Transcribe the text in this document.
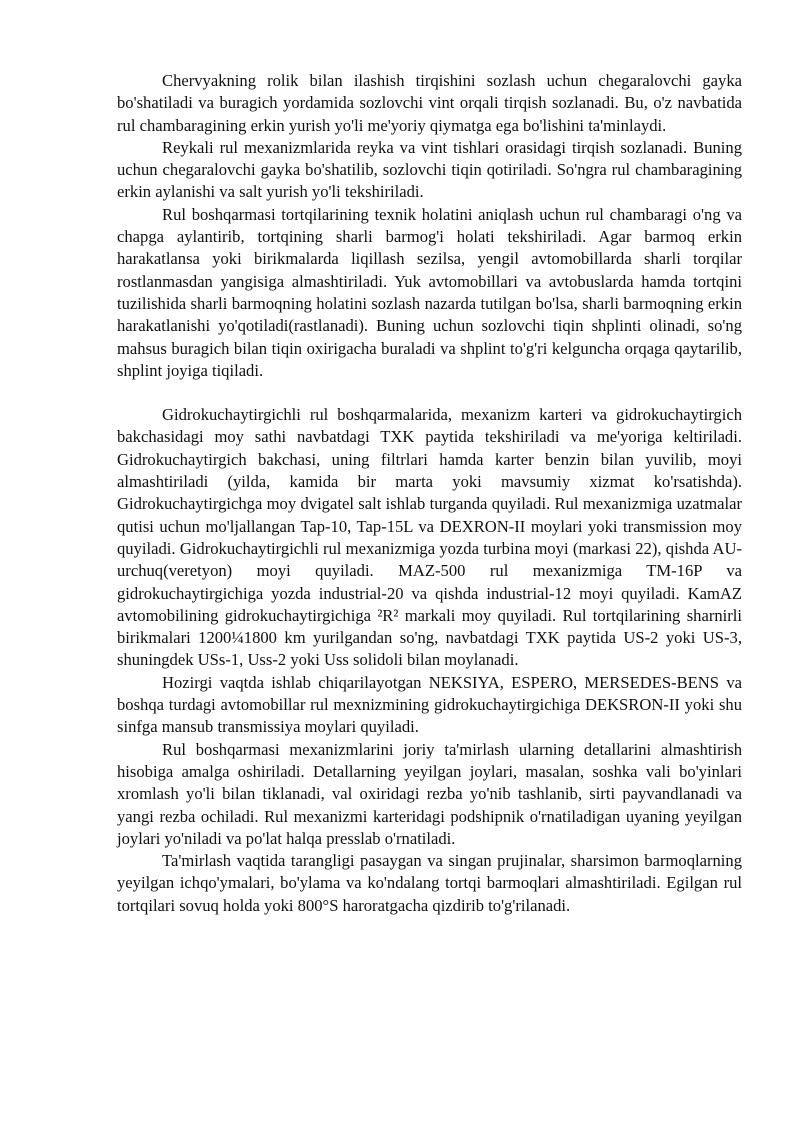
Chervyakning rolik bilan ilashish tirqishini sozlash uchun chegaralovchi gayka bo'shatiladi va buragich yordamida sozlovchi vint orqali tirqish sozlanadi. Bu, o'z navbatida rul chambaragining erkin yurish yo'li me'yoriy qiymatga ega bo'lishini ta'minlaydi.

Reykali rul mexanizmlarida reyka va vint tishlari orasidagi tirqish sozlanadi. Buning uchun chegaralovchi gayka bo'shatilib, sozlovchi tiqin qotiriladi. So'ngra rul chambaragining erkin aylanishi va salt yurish yo'li tekshiriladi.

Rul boshqarmasi tortqilarining texnik holatini aniqlash uchun rul chambaragi o'ng va chapga aylantirib, tortqining sharli barmog'i holati tekshiriladi. Agar barmoq erkin harakatlansa yoki birikmalarda liqillash sezilsa, yengil avtomobillarda sharli torqilar rostlanmasdan yangisiga almashtiriladi. Yuk avtomobillari va avtobuslarda hamda tortqini tuzilishida sharli barmoqning holatini sozlash nazarda tutilgan bo'lsa, sharli barmoqning erkin harakatlanishi yo'qotiladi(rastlanadi). Buning uchun sozlovchi tiqin shplinti olinadi, so'ng mahsus buragich bilan tiqin oxirigacha buraladi va shplint to'g'ri kelguncha orqaga qaytarilib, shplint joyiga tiqiladi.

Gidrokuchaytirgichli rul boshqarmalarida, mexanizm karteri va gidrokuchaytirgich bakchasidagi moy sathi navbatdagi TXK paytida tekshiriladi va me'yoriga keltiriladi. Gidrokuchaytirgich bakchasi, uning filtrlari hamda karter benzin bilan yuvilib, moyi almashtiriladi (yilda, kamida bir marta yoki mavsumiy xizmat ko'rsatishda). Gidrokuchaytirgichga moy dvigatel salt ishlab turganda quyiladi. Rul mexanizmiga uzatmalar qutisi uchun mo'ljallangan Tap-10, Tap-15L va DEXRON-II moylari yoki transmission moy quyiladi. Gidrokuchaytirgichli rul mexanizmiga yozda turbina moyi (markasi 22), qishda AU-urchuq(veretyon) moyi quyiladi. MAZ-500 rul mexanizmiga TM-16P va gidrokuchaytirgichiga yozda industrial-20 va qishda industrial-12 moyi quyiladi. KamAZ avtomobilining gidrokuchaytirgichiga ²R² markali moy quyiladi. Rul tortqilarining sharnirli birikmalari 1200¼1800 km yurilgandan so'ng, navbatdagi TXK paytida US-2 yoki US-3, shuningdek USs-1, Uss-2 yoki Uss solidoli bilan moylanadi.

Hozirgi vaqtda ishlab chiqarilayotgan NEKSIYA, ESPERO, MERSEDES-BENS va boshqa turdagi avtomobillar rul mexnizmining gidrokuchaytirgichiga DEKSRON-II yoki shu sinfga mansub transmissiya moylari quyiladi.

Rul boshqarmasi mexanizmlarini joriy ta'mirlash ularning detallarini almashtirish hisobiga amalga oshiriladi. Detallarning yeyilgan joylari, masalan, soshka vali bo'yinlari xromlash yo'li bilan tiklanadi, val oxiridagi rezba yo'nib tashlanib, sirti payvandlanadi va yangi rezba ochiladi. Rul mexanizmi karteridagi podshipnik o'rnatiladigan uyaning yeyilgan joylari yo'niladi va po'lat halqa presslab o'rnatiladi.

Ta'mirlash vaqtida tarangligi pasaygan va singan prujinalar, sharsimon barmoqlarning yeyilgan ichqo'ymalari, bo'ylama va ko'ndalang tortqi barmoqlari almashtiriladi. Egilgan rul tortqilari sovuq holda yoki 800°S haroratgacha qizdirib to'g'rilanadi.
